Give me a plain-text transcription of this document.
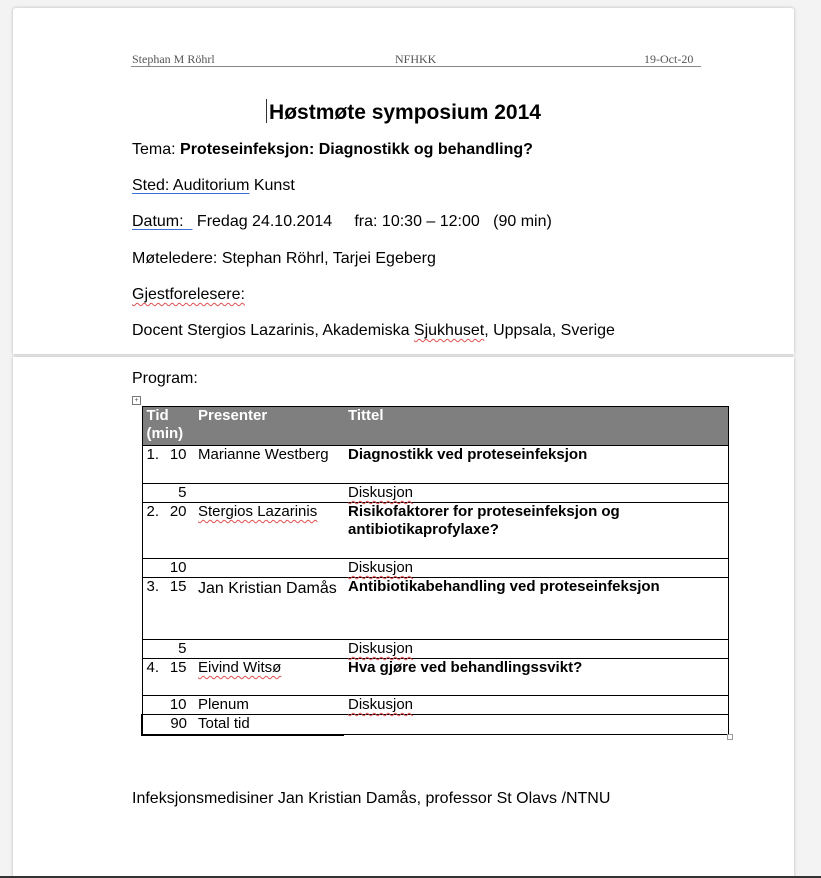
Stephan M Röhrl	NFHKK	19-Oct-20
Høstmøte symposium 2014
Tema: Proteseinfeksjon: Diagnostikk og behandling?
Sted: Auditorium Kunst
Datum:   Fredag 24.10.2014     fra: 10:30 – 12:00   (90 min)
Møteledere: Stephan Röhrl, Tarjei Egeberg
Gjestforelesere:
Docent Stergios Lazarinis, Akademiska Sjukhuset, Uppsala, Sverige
Program:
+
Tid (min)	Presenter	Tittel
1. 10	Marianne Westberg	Diagnostikk ved proteseinfeksjon
5		Diskusjon
2. 20	Stergios Lazarinis	Risikofaktorer for proteseinfeksjon og antibiotikaprofylaxe?
10		Diskusjon
3. 15	Jan Kristian Damås	Antibiotikabehandling ved proteseinfeksjon
5		Diskusjon
4. 15	Eivind Witsø	Hva gjøre ved behandlingssvikt?
10	Plenum	Diskusjon
90	Total tid	
Infeksjonsmedisiner Jan Kristian Damås, professor St Olavs /NTNU
